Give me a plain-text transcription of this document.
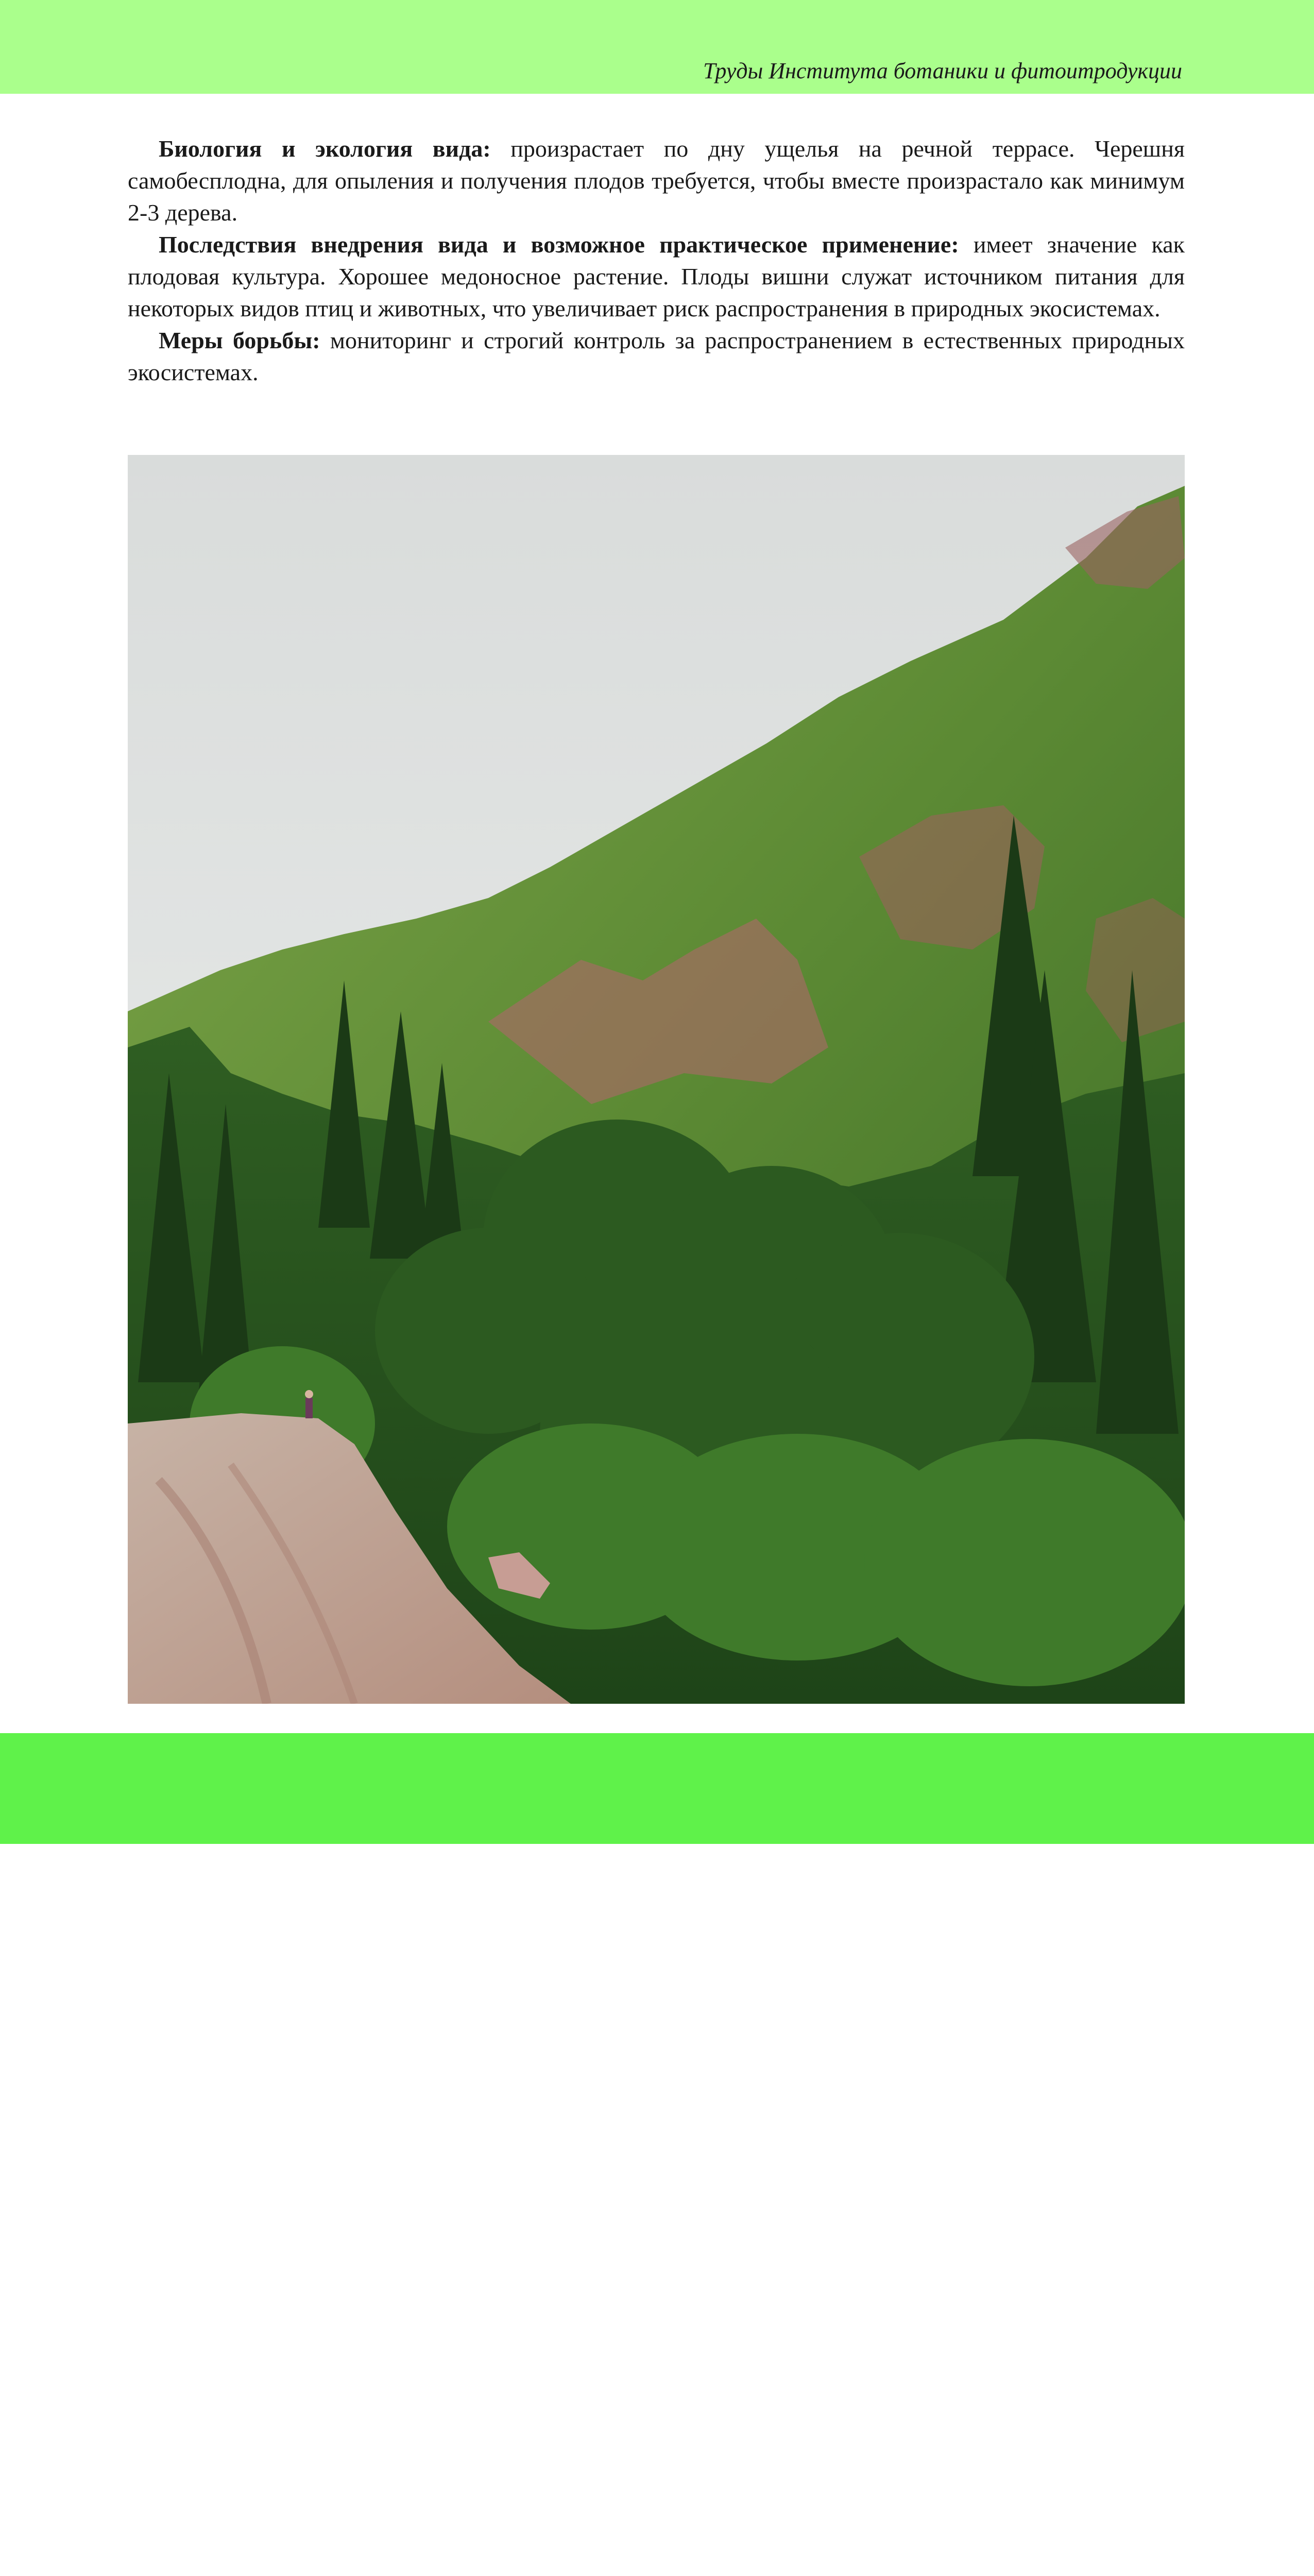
Труды Института ботаники и фитоитродукции

Биология и экология вида: произрастает по дну ущелья на речной террасе. Черешня самобесплодна, для опыления и получения плодов требуется, чтобы вместе произрастало как минимум 2-3 дерева.

Последствия внедрения вида и возможное практическое применение: имеет значение как плодовая культура. Хорошее медоносное растение. Плоды вишни служат источником питания для некоторых видов птиц и животных, что увеличивает риск распространения в природных экосистемах.

Меры борьбы: мониторинг и строгий контроль за распространением в естественных природных экосистемах.
